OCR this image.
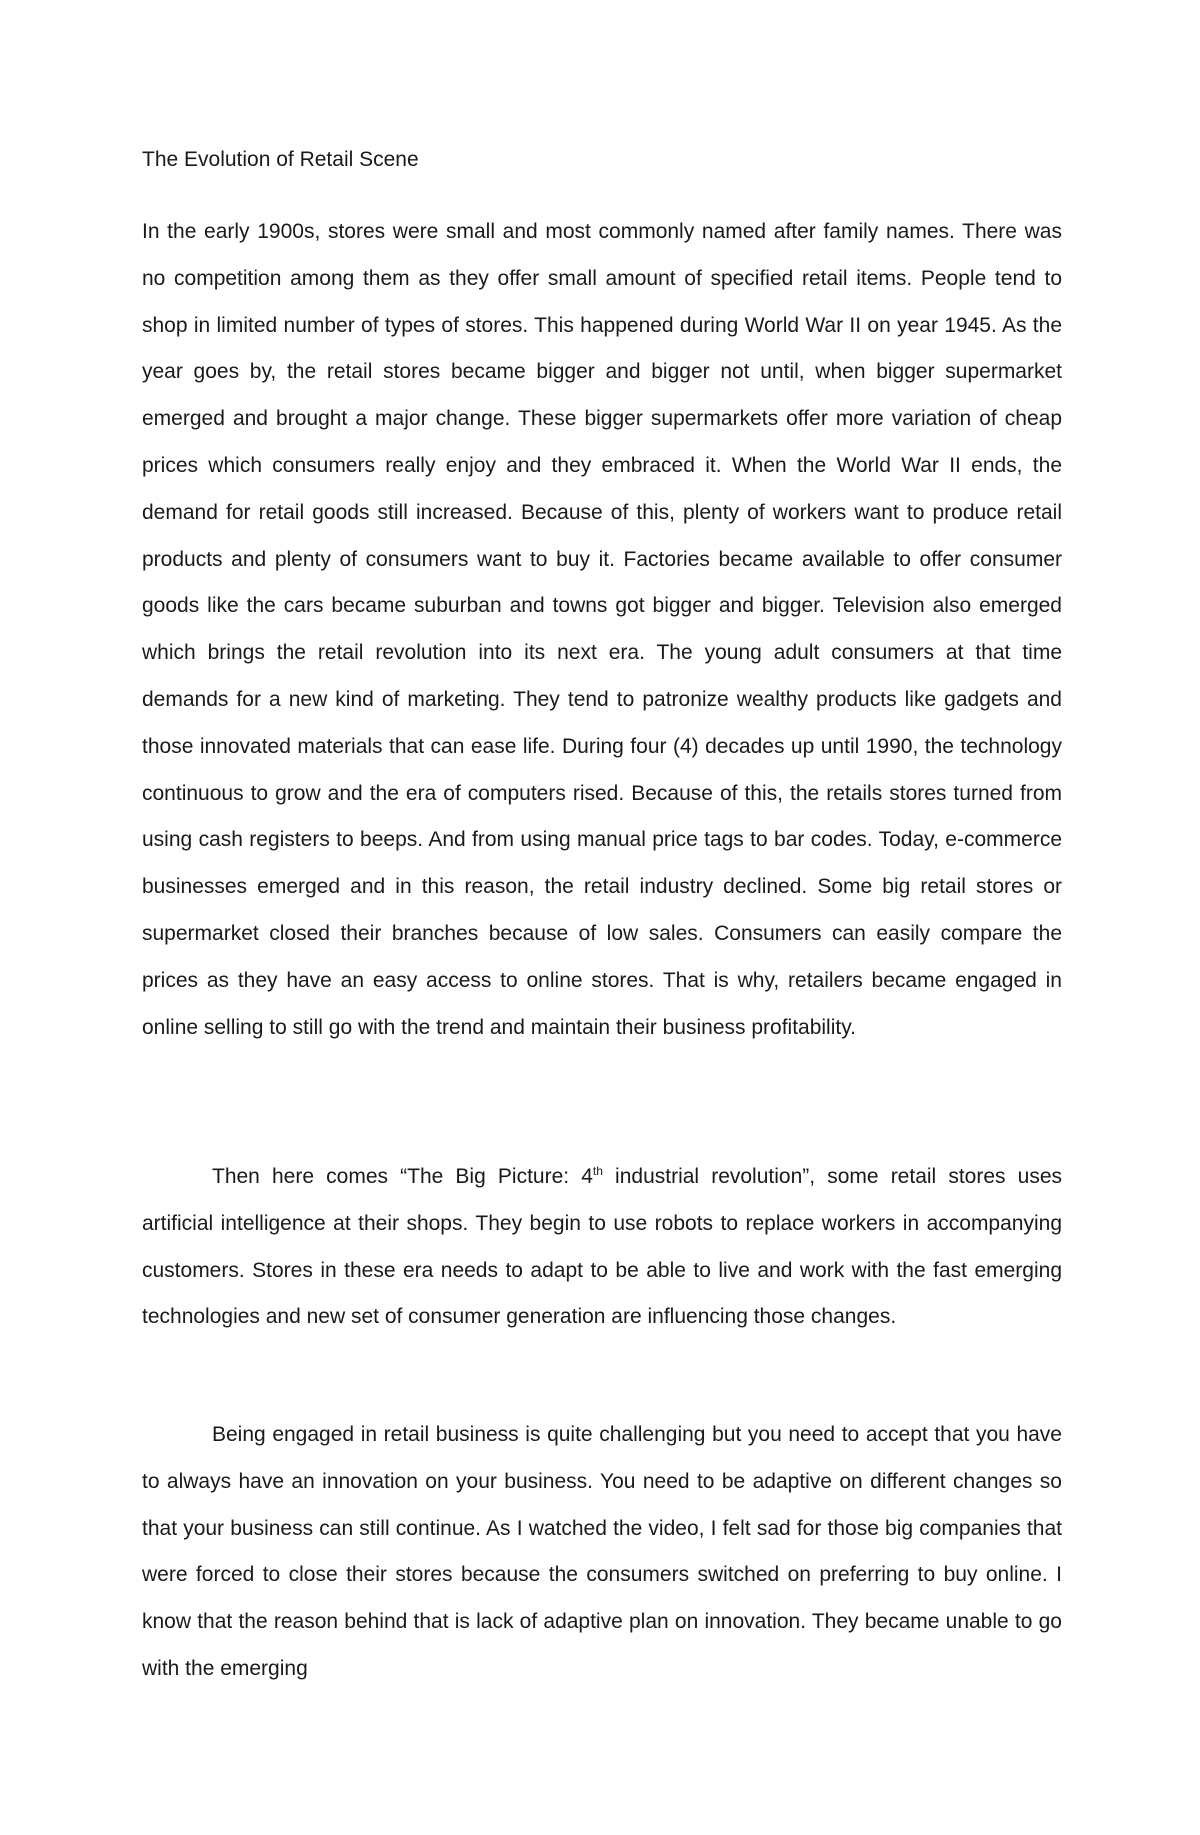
The Evolution of Retail Scene

In the early 1900s, stores were small and most commonly named after family names. There was no competition among them as they offer small amount of specified retail items. People tend to shop in limited number of types of stores. This happened during World War II on year 1945. As the year goes by, the retail stores became bigger and bigger not until, when bigger supermarket emerged and brought a major change. These bigger supermarkets offer more variation of cheap prices which consumers really enjoy and they embraced it. When the World War II ends, the demand for retail goods still increased. Because of this, plenty of workers want to produce retail products and plenty of consumers want to buy it. Factories became available to offer consumer goods like the cars became suburban and towns got bigger and bigger. Television also emerged which brings the retail revolution into its next era. The young adult consumers at that time demands for a new kind of marketing. They tend to patronize wealthy products like gadgets and those innovated materials that can ease life. During four (4) decades up until 1990, the technology continuous to grow and the era of computers rised. Because of this, the retails stores turned from using cash registers to beeps. And from using manual price tags to bar codes. Today, e-commerce businesses emerged and in this reason, the retail industry declined. Some big retail stores or supermarket closed their branches because of low sales. Consumers can easily compare the prices as they have an easy access to online stores. That is why, retailers became engaged in online selling to still go with the trend and maintain their business profitability.

Then here comes “The Big Picture: 4th industrial revolution”, some retail stores uses artificial intelligence at their shops. They begin to use robots to replace workers in accompanying customers. Stores in these era needs to adapt to be able to live and work with the fast emerging technologies and new set of consumer generation are influencing those changes.

Being engaged in retail business is quite challenging but you need to accept that you have to always have an innovation on your business. You need to be adaptive on different changes so that your business can still continue. As I watched the video, I felt sad for those big companies that were forced to close their stores because the consumers switched on preferring to buy online. I know that the reason behind that is lack of adaptive plan on innovation. They became unable to go with the emerging
